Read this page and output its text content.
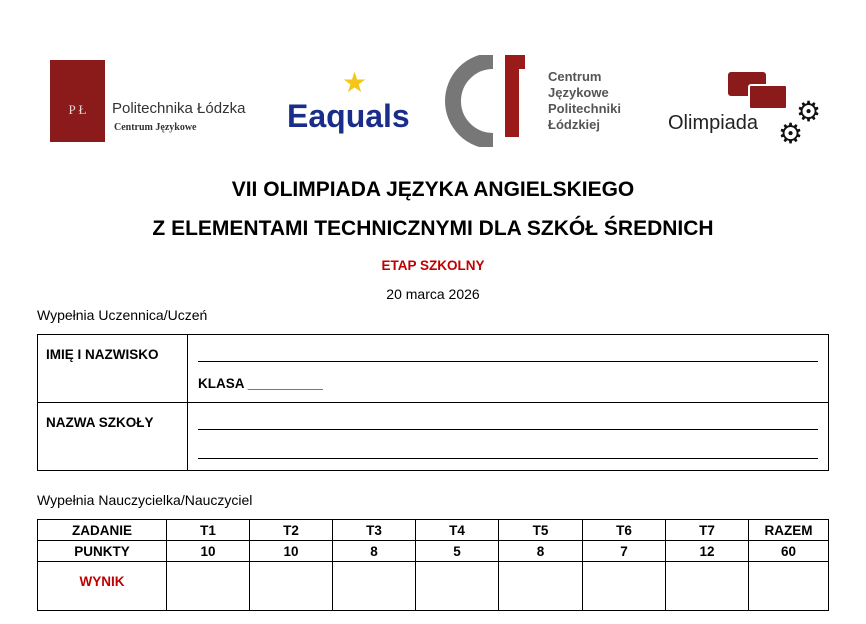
P Ł	Politechnika Łódzka
Centrum Językowe
★
Eaquals
Centrum
Językowe
Politechniki
Łódzkiej	Olimpiada ⚙
⚙
VII OLIMPIADA JĘZYKA ANGIELSKIEGO
Z ELEMENTAMI TECHNICZNYMI DLA SZKÓŁ ŚREDNICH
ETAP SZKOLNY
20 marca 2026
Wypełnia Uczennica/Uczeń
IMIĘ I NAZWISKO	KLASA __________

NAZWA SZKOŁY	
Wypełnia Nauczycielka/Nauczyciel
ZADANIE	T1	T2	T3	T4	T5	T6	T7	RAZEM
PUNKTY	10	10	8	5	8	7	12	60
WYNIK								
